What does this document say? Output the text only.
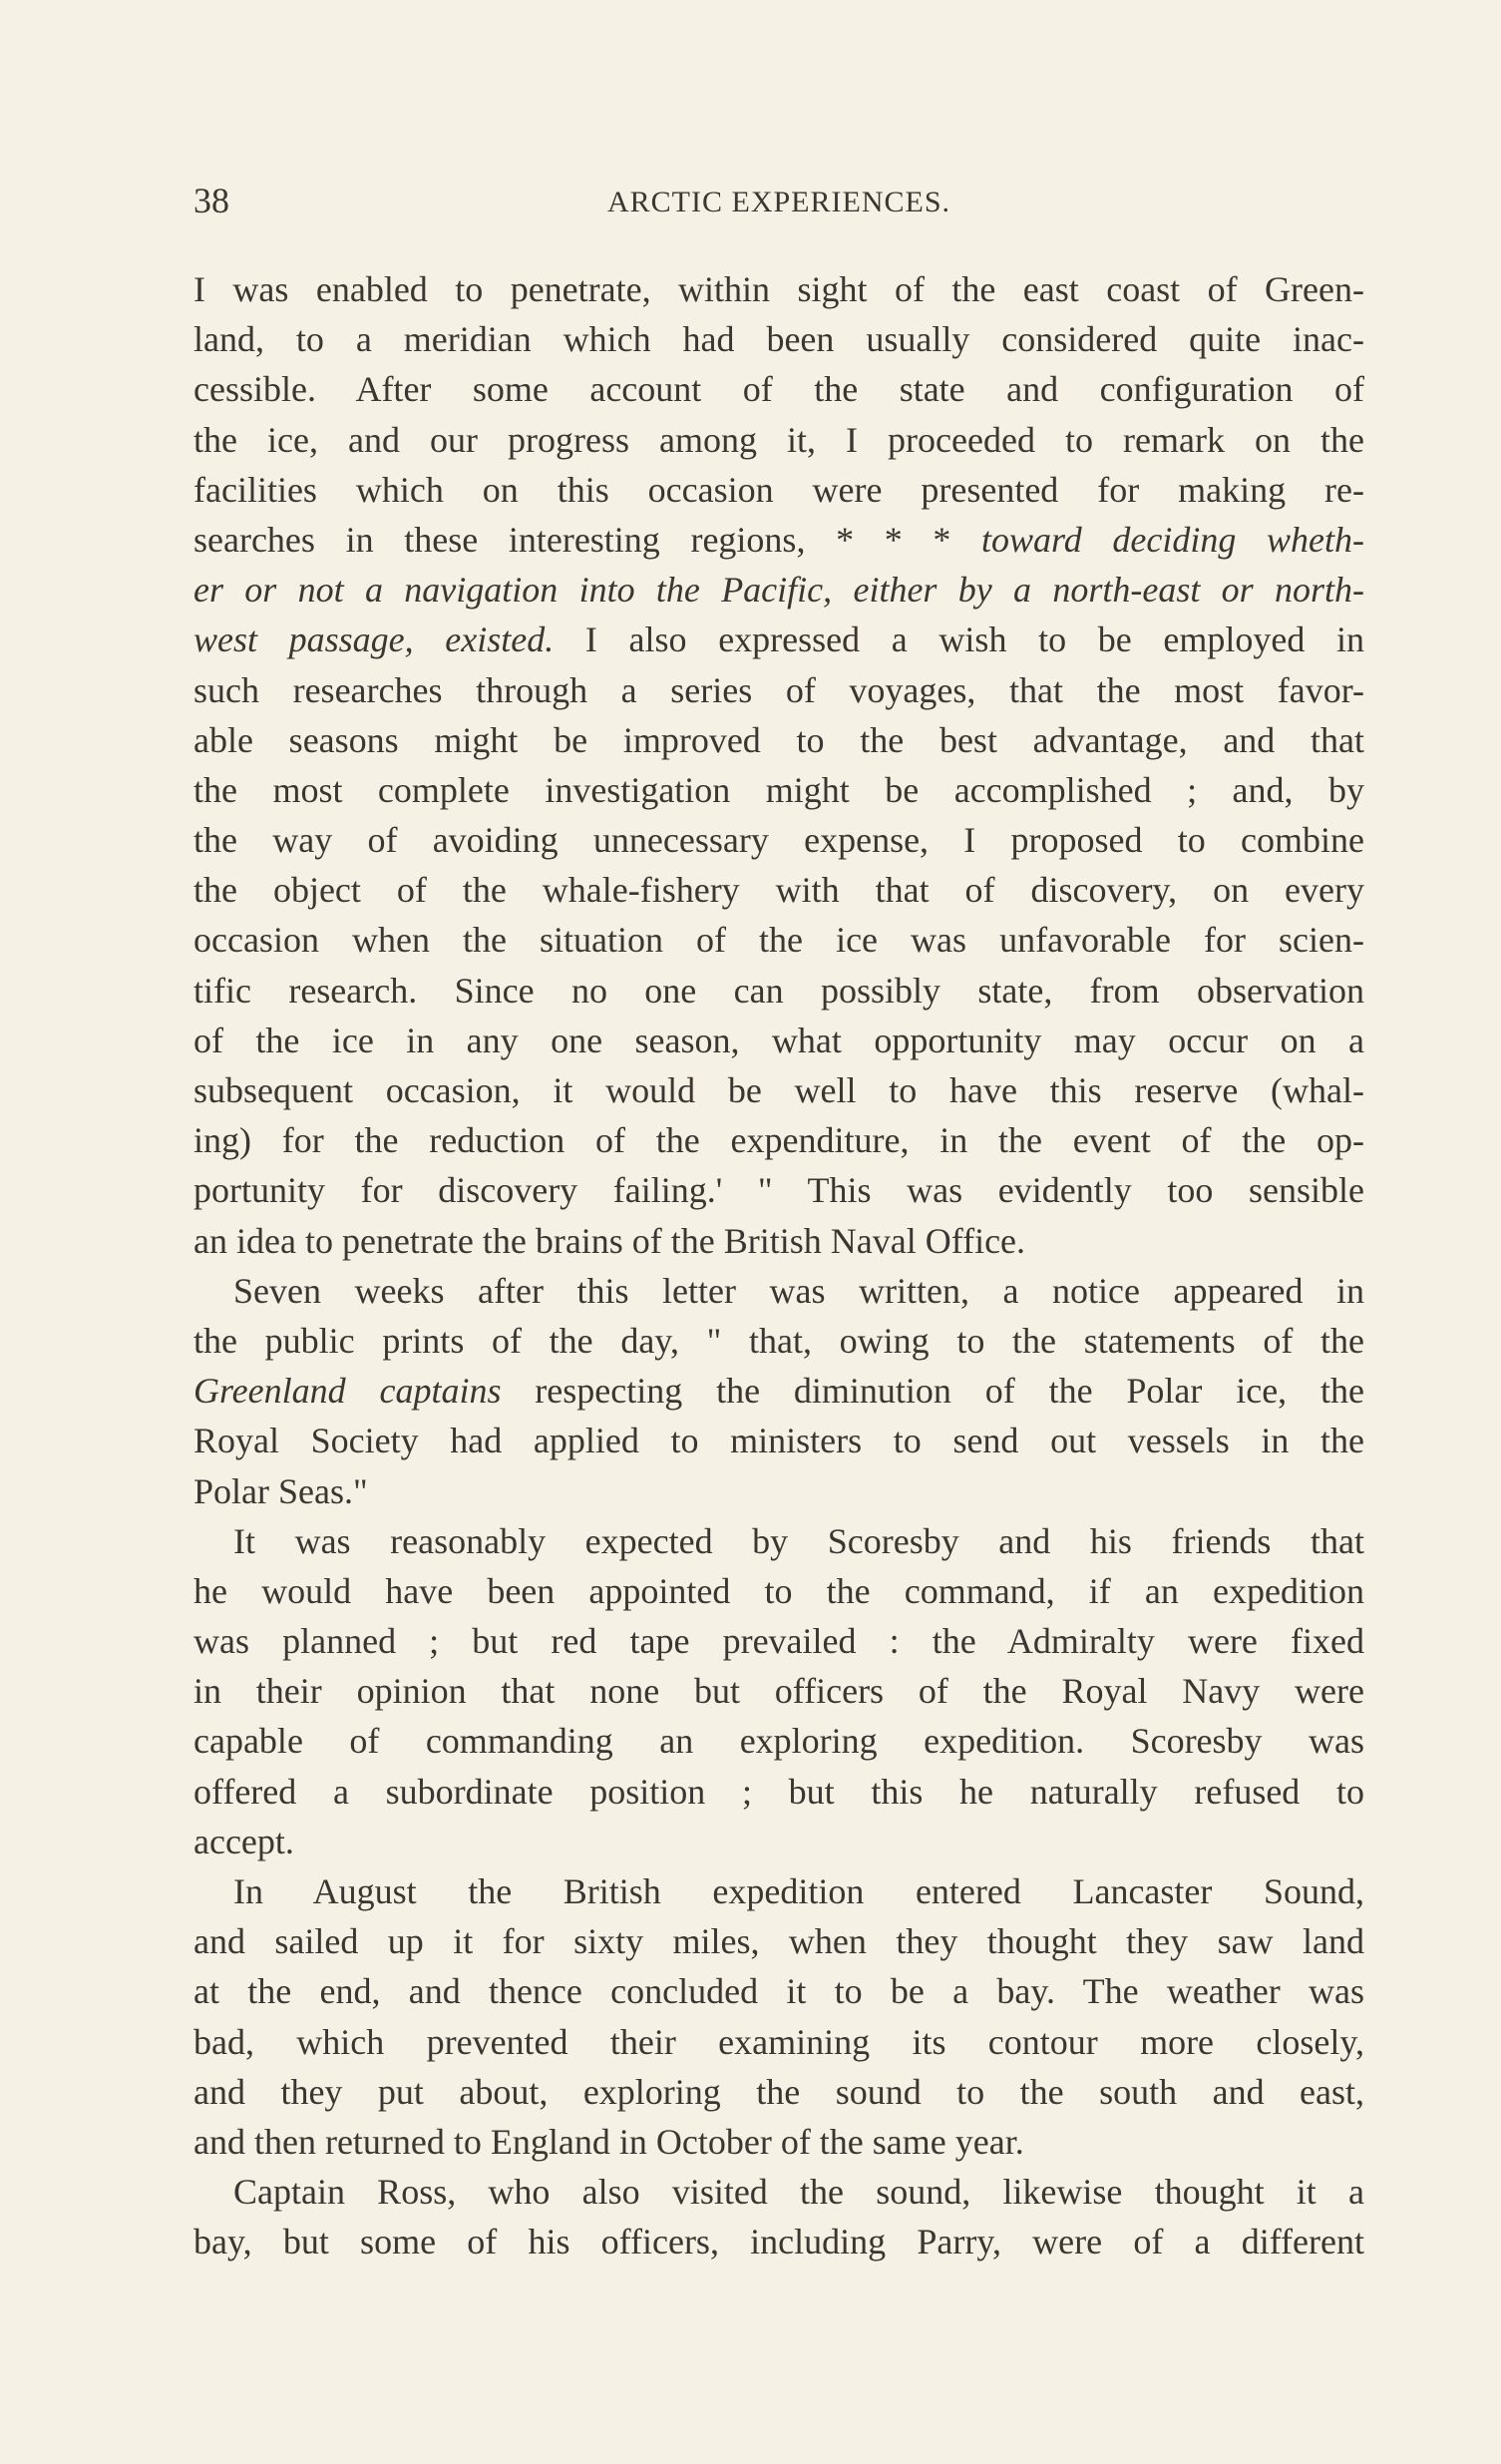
38	ARCTIC EXPERIENCES.
I was enabled to penetrate, within sight of the east coast of Green-
land, to a meridian which had been usually considered quite inac-
cessible. After some account of the state and configuration of
the ice, and our progress among it, I proceeded to remark on the
facilities which on this occasion were presented for making re-
searches in these interesting regions, * * * toward deciding wheth-
er or not a navigation into the Pacific, either by a north-east or north-
west passage, existed. I also expressed a wish to be employed in
such researches through a series of voyages, that the most favor-
able seasons might be improved to the best advantage, and that
the most complete investigation might be accomplished ; and, by
the way of avoiding unnecessary expense, I proposed to combine
the object of the whale-fishery with that of discovery, on every
occasion when the situation of the ice was unfavorable for scien-
tific research. Since no one can possibly state, from observation
of the ice in any one season, what opportunity may occur on a
subsequent occasion, it would be well to have this reserve (whal-
ing) for the reduction of the expenditure, in the event of the op-
portunity for discovery failing.' " This was evidently too sensible
an idea to penetrate the brains of the British Naval Office.
Seven weeks after this letter was written, a notice appeared in
the public prints of the day, " that, owing to the statements of the
Greenland captains respecting the diminution of the Polar ice, the
Royal Society had applied to ministers to send out vessels in the
Polar Seas."
It was reasonably expected by Scoresby and his friends that
he would have been appointed to the command, if an expedition
was planned ; but red tape prevailed : the Admiralty were fixed
in their opinion that none but officers of the Royal Navy were
capable of commanding an exploring expedition. Scoresby was
offered a subordinate position ; but this he naturally refused to
accept.
In August the British expedition entered Lancaster Sound,
and sailed up it for sixty miles, when they thought they saw land
at the end, and thence concluded it to be a bay. The weather was
bad, which prevented their examining its contour more closely,
and they put about, exploring the sound to the south and east,
and then returned to England in October of the same year.
Captain Ross, who also visited the sound, likewise thought it a
bay, but some of his officers, including Parry, were of a different
